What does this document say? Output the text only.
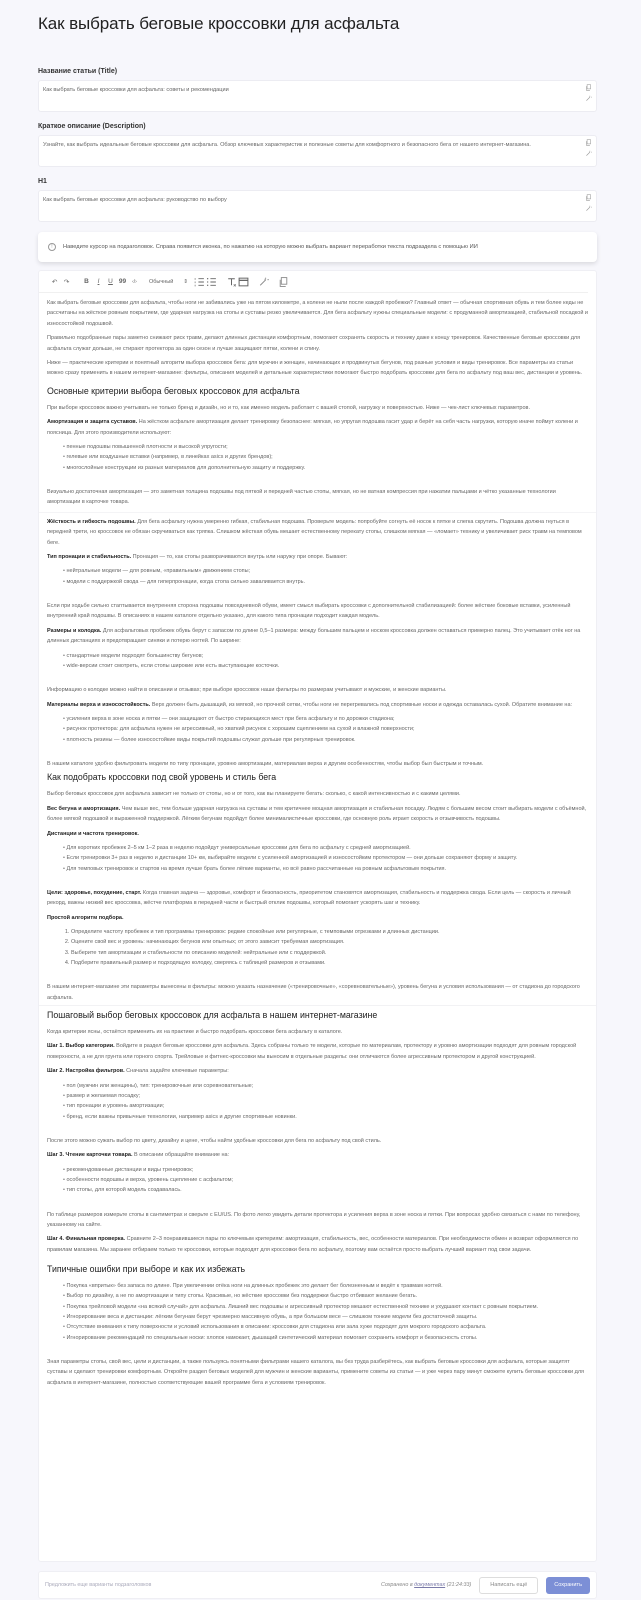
Как выбрать беговые кроссовки для асфальта
Название статьи (Title)
Как выбрать беговые кроссовки для асфальта: советы и рекомендации
Краткое описание (Description)
Узнайте, как выбрать идеальные беговые кроссовки для асфальта. Обзор ключевых характеристик и полезные советы для комфортного и безопасного бега от нашего интернет-магазина.
H1
Как выбрать беговые кроссовки для асфальта: руководство по выбору
!	Наведите курсор на подзаголовок. Справа появится иконка, по нажатию на которую можно выбрать вариант переработки текста подраздела с помощью ИИ
↶	↷	B	I	U 99	‹/›	Обычный ⇕

Как выбрать беговые кроссовки для асфальта, чтобы ноги не забивались уже на пятом километре, а колени не ныли после каждой пробежки? Главный ответ — обычная спортивная обувь и тем более кеды не рассчитаны на жёсткое ровным покрытием, где ударная нагрузка на стопы и суставы резко увеличивается. Для бега асфальту нужны специальные модели: с продуманной амортизацией, стабильной посадкой и износостойкой подошвой.

Правильно подобранные пары заметно снижают риск травм, делают длинных дистанции комфортным, помогают сохранять скорость и технику даже к концу тренировок. Качественные беговые кроссовки для асфальта служат дольше, не стирают протектора за один сезон и лучше защищают пятки, колени и спину.

Ниже — практические критерии и понятный алгоритм выбора кроссовок бега: для мужчин и женщин, начинающих и продвинутых бегунов, под разные условия и виды тренировок. Все параметры из статьи можно сразу применить в нашем интернет-магазине: фильтры, описания моделей и детальные характеристики помогают быстро подобрать кроссовки для бега по асфальту под ваш вес, дистанции и уровень.

Основные критерии выбора беговых кроссовок для асфальта

При выборе кроссовок важно учитывать не только бренд и дизайн, но и то, как именно модель работает с вашей стопой, нагрузку и поверхностью. Ниже — чек-лист ключевых параметров.

Амортизация и защита суставов. На жёстком асфальте амортизация делает тренировку безопаснее: мягкая, но упругая подошва гасит удар и берёт на себя часть нагрузки, которую иначе поймут колени и поясница. Для этого производители используют:

• пенные подошвы повышенной плотности и высокой упругости;
• гелевые или воздушные вставки (например, в линейках asics и других брендов);
• многослойные конструкции из разных материалов для дополнительную защиту и поддержку.

Визуально достаточная амортизация — это заметная толщина подошвы под пяткой и передней частью стопы, мягкая, но не ватная компрессия при нажатии пальцами и чётко указанные технологии амортизации в карточке товара.

Жёсткость и гибкость подошвы. Для бега асфальту нужна умеренно гибкая, стабильная подошва. Проверьте модель: попробуйте согнуть её носок к пятке и слегка скрутить. Подошва должна гнуться в передней трети, но кроссовок не обязан скручиваться как тряпка. Слишком жёсткая обувь мешает естественному перекату стопы, слишком мягкая — «ломает» технику и увеличивает риск травм на темповом беге.

Тип пронации и стабильность. Пронация — то, как стопы разворачиваются внутрь или наружу при опоре. Бывают:

• нейтральные модели — для ровным, «правильным» движением стопы;
• модели с поддержкой свода — для гиперпронации, когда стопа сильно заваливается внутрь.

Если при ходьбе сильно стаптывается внутренняя сторона подошвы повседневной обуви, имеет смысл выбирать кроссовки с дополнительной стабилизацией: более жёсткие боковые вставки, усиленный внутренний край подошвы. В описаниях в нашем каталоге отдельно указано, для какого типа пронации подходит каждая модель.

Размеры и колодка. Для асфальтовых пробежек обувь берут с запасом по длине 0,5–1 размера: между большим пальцем и носком кроссовка должен оставаться примерно палец. Это учитывает отёк ног на длинных дистанциях и предотвращает синяки и потерю ногтей. По ширине:

• стандартные модели подходят большинству бегунов;
• wide-версии стоит смотреть, если стопы широкие или есть выступающие косточки.

Информацию о колодке можно найти в описании и отзывах; при выборе кроссовок наши фильтры по размерам учитывают и мужские, и женские варианты.

Материалы верха и износостойкость. Верх должен быть дышащий, из мягкой, но прочной сетки, чтобы ноги не перегревались под спортивные носки и одежда оставалась сухой. Обратите внимание на:

• усиления верха в зоне носка и пятки — они защищают от быстро стирающихся мест при бега асфальту и по дорожки стадиона;
• рисунок протектора: для асфальта нужен не агрессивный, но хваткий рисунок с хорошим сцеплением на сухой и влажной поверхности;
• плотность резины — более износостойкие виды покрытий подошвы служат дольше при регулярных тренировок.

В нашем каталоге удобно фильтровать модели по типу пронации, уровню амортизации, материалам верха и другим особенностям, чтобы выбор был быстрым и точным.

Как подобрать кроссовки под свой уровень и стиль бега

Выбор беговых кроссовок для асфальта зависит не только от стопы, но и от того, как вы планируете бегать: сколько, с какой интенсивностью и с какими целями.

Вес бегуна и амортизация. Чем выше вес, тем больше ударная нагрузка на суставы и тем критичнее мощная амортизация и стабильная посадку. Людям с большим весом стоит выбирать модели с объёмной, более мягкой подошвой и выраженной поддержкой. Лёгким бегунам подойдут более минималистичные кроссовки, где основную роль играет скорость и отзывчивость подошвы.

Дистанции и частота тренировок.

• Для коротких пробежек 2–5 км 1–2 раза в неделю подойдут универсальные кроссовки для бега по асфальту с средней амортизацией.
• Если тренировки 3+ раз в неделю и дистанции 10+ км, выбирайте модели с усиленной амортизацией и износостойким протектором — они дольше сохраняют форму и защиту.
• Для темповых тренировок и стартов на время лучше брать более лёгкие варианты, но всё равно рассчитанные на ровным асфальтовым покрытия.

Цели: здоровье, похудение, старт. Когда главная задача — здоровье, комфорт и безопасность, приоритетом становятся амортизация, стабильность и поддержка свода. Если цель — скорость и личный рекорд, важны низкий вес кроссовка, жёстче платформа в передней части и быстрый отклик подошвы, который помогает ускорять шаг и технику.

Простой алгоритм подбора.

1. Определите частоту пробежек и тип программы тренировок: редкие спокойные или регулярные, с темповыми отрезками и длинных дистанции.
2. Оцените свой вес и уровень: начинающих бегунов или опытных; от этого зависит требуемая амортизация.
3. Выберите тип амортизации и стабильности по описанию моделей: нейтральные или с поддержкой.
4. Подберите правильный размер и подходящую колодку, сверяясь с таблицей размеров и отзывами.

В нашем интернет-магазине эти параметры вынесены в фильтры: можно указать назначение («тренировочные», «соревновательные»), уровень бегуна и условия использования — от стадиона до городского асфальта.

Пошаговый выбор беговых кроссовок для асфальта в нашем интернет-магазине

Когда критерии ясны, остаётся применить их на практике и быстро подобрать кроссовки бега асфальту в каталоге.

Шаг 1. Выбор категории. Войдите в раздел беговые кроссовки для асфальта. Здесь собраны только те модели, которые по материалам, протектору и уровню амортизации подходят для ровным городской поверхности, а не для грунта или горного спорта. Трейловые и фитнес-кроссовки мы выносим в отдельные разделы: они отличаются более агрессивным протектором и другой конструкцией.

Шаг 2. Настройка фильтров. Сначала задайте ключевые параметры:

• пол (мужчин или женщины), тип: тренировочные или соревновательные;
• размер и желаемая посадку;
• тип пронации и уровень амортизации;
• бренд, если важны привычные технологии, например asics и другие спортивные новинки.

После этого можно сужать выбор по цвету, дизайну и цене, чтобы найти удобные кроссовки для бега по асфальту под свой стиль.

Шаг 3. Чтение карточки товара. В описании обращайте внимание на:

• рекомендованные дистанции и виды тренировок;
• особенности подошвы и верха, уровень сцепление с асфальтом;
• тип стопы, для которой модель создавалась.

По таблице размеров измерьте стопы в сантиметрах и сверьте с EU/US. По фото легко увидеть детали протектора и усиления верха в зоне носка и пятки. При вопросах удобно связаться с нами по телефону, указанному на сайте.

Шаг 4. Финальная проверка. Сравните 2–3 понравившиеся пары по ключевым критериям: амортизация, стабильность, вес, особенности материалов. При необходимости обмен и возврат оформляются по правилам магазина. Мы заранее отбираем только те кроссовки, которые подходят для кроссовки бега по асфальту, поэтому вам остаётся просто выбрать лучший вариант под свои задачи.

Типичные ошибки при выборе и как их избежать
• Покупка «впритык» без запаса по длине. При увеличении отёка ноги на длинных пробежек это делает бег болезненным и ведёт к травмам ногтей.
• Выбор по дизайну, а не по амортизации и типу стопы. Красивые, но жёсткие кроссовки без поддержки быстро отбивают желание бегать.
• Покупка трейловой модели «на всякий случай» для асфальта. Лишний вес подошвы и агрессивный протектор мешают естественной технике и ухудшают контакт с ровным покрытием.
• Игнорирование веса и дистанции: лёгким бегунам берут чрезмерно массивную обувь, а при большом весе — слишком тонкие модели без достаточной защиты.
• Отсутствие внимания к типу поверхности и условий использования в описании: кроссовки для стадиона или зала хуже подходят для мокрого городского асфальта.
• Игнорирование рекомендаций по специальные носки: хлопок намокает, дышащий синтетический материал помогает сохранить комфорт и безопасность стопы.

Зная параметры стопы, свой вес, цели и дистанции, а также пользуясь понятными фильтрами нашего каталога, вы без труда разберётесь, как выбрать беговые кроссовки для асфальта, которые защитят суставы и сделают тренировки комфортным. Откройте раздел беговых моделей для мужчин и женские варианты, примените советы из статьи — и уже через пару минут сможете купить беговые кроссовки для асфальта в интернет-магазине, полностью соответствующие вашей программе бега и условиям тренировок.

Предложить еще варианты подзаголовков	Сохранено в документах (21:24:33)	Написать ещё	Сохранить
